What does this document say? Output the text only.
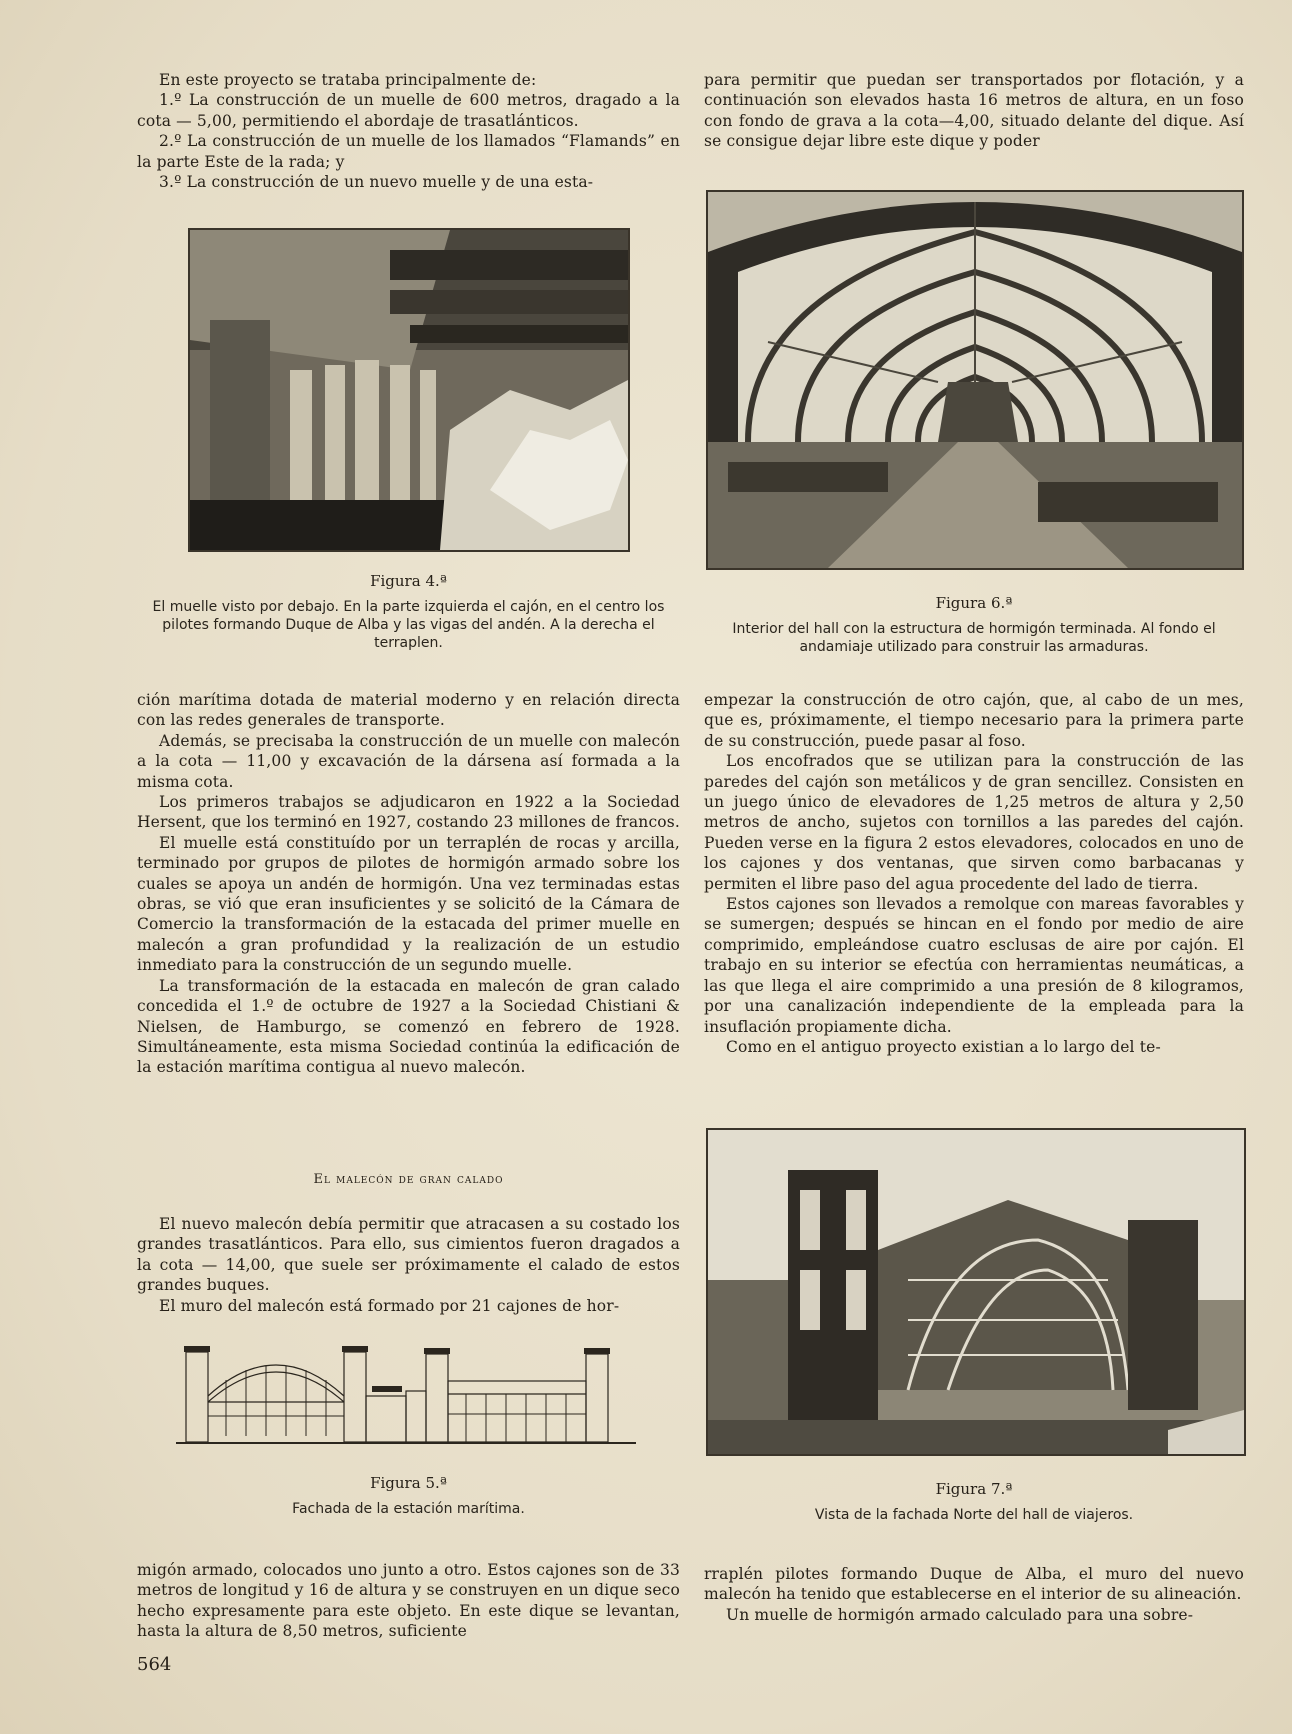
En este proyecto se trataba principalmente de:

1.º La construcción de un muelle de 600 metros, dragado a la cota — 5,00, permitiendo el abordaje de trasatlánticos.

2.º La construcción de un muelle de los llamados “Flamands” en la parte Este de la rada; y

3.º La construcción de un nuevo muelle y de una esta-

Figura 4.ª

El muelle visto por debajo. En la parte izquierda el cajón, en el centro los pilotes formando Duque de Alba y las vigas del andén. A la derecha el terraplen.

ción marítima dotada de material moderno y en relación directa con las redes generales de transporte.

Además, se precisaba la construcción de un muelle con malecón a la cota — 11,00 y excavación de la dársena así formada a la misma cota.

Los primeros trabajos se adjudicaron en 1922 a la Sociedad Hersent, que los terminó en 1927, costando 23 millones de francos.

El muelle está constituído por un terraplén de rocas y arcilla, terminado por grupos de pilotes de hormigón armado sobre los cuales se apoya un andén de hormigón. Una vez terminadas estas obras, se vió que eran insuficientes y se solicitó de la Cámara de Comercio la transformación de la estacada del primer muelle en malecón a gran profundidad y la realización de un estudio inmediato para la construcción de un segundo muelle.

La transformación de la estacada en malecón de gran calado concedida el 1.º de octubre de 1927 a la Sociedad Chistiani & Nielsen, de Hamburgo, se comenzó en febrero de 1928. Simultáneamente, esta misma Sociedad continúa la edificación de la estación marítima contigua al nuevo malecón.

El malecón de gran calado

El nuevo malecón debía permitir que atracasen a su costado los grandes trasatlánticos. Para ello, sus cimientos fueron dragados a la cota — 14,00, que suele ser próximamente el calado de estos grandes buques.

El muro del malecón está formado por 21 cajones de hor-

Figura 5.ª

Fachada de la estación marítima.

migón armado, colocados uno junto a otro. Estos cajones son de 33 metros de longitud y 16 de altura y se construyen en un dique seco hecho expresamente para este objeto. En este dique se levantan, hasta la altura de 8,50 metros, suficiente

564

para permitir que puedan ser transportados por flotación, y a continuación son elevados hasta 16 metros de altura, en un foso con fondo de grava a la cota—4,00, situado delante del dique. Así se consigue dejar libre este dique y poder

Figura 6.ª

Interior del hall con la estructura de hormigón terminada. Al fondo el andamiaje utilizado para construir las armaduras.

empezar la construcción de otro cajón, que, al cabo de un mes, que es, próximamente, el tiempo necesario para la primera parte de su construcción, puede pasar al foso.

Los encofrados que se utilizan para la construcción de las paredes del cajón son metálicos y de gran sencillez. Consisten en un juego único de elevadores de 1,25 metros de altura y 2,50 metros de ancho, sujetos con tornillos a las paredes del cajón. Pueden verse en la figura 2 estos elevadores, colocados en uno de los cajones y dos ventanas, que sirven como barbacanas y permiten el libre paso del agua procedente del lado de tierra.

Estos cajones son llevados a remolque con mareas favorables y se sumergen; después se hincan en el fondo por medio de aire comprimido, empleándose cuatro esclusas de aire por cajón. El trabajo en su interior se efectúa con herramientas neumáticas, a las que llega el aire comprimido a una presión de 8 kilogramos, por una canalización independiente de la empleada para la insuflación propiamente dicha.

Como en el antiguo proyecto existian a lo largo del te-

Figura 7.ª

Vista de la fachada Norte del hall de viajeros.

rraplén pilotes formando Duque de Alba, el muro del nuevo malecón ha tenido que establecerse en el interior de su alineación.

Un muelle de hormigón armado calculado para una sobre-
